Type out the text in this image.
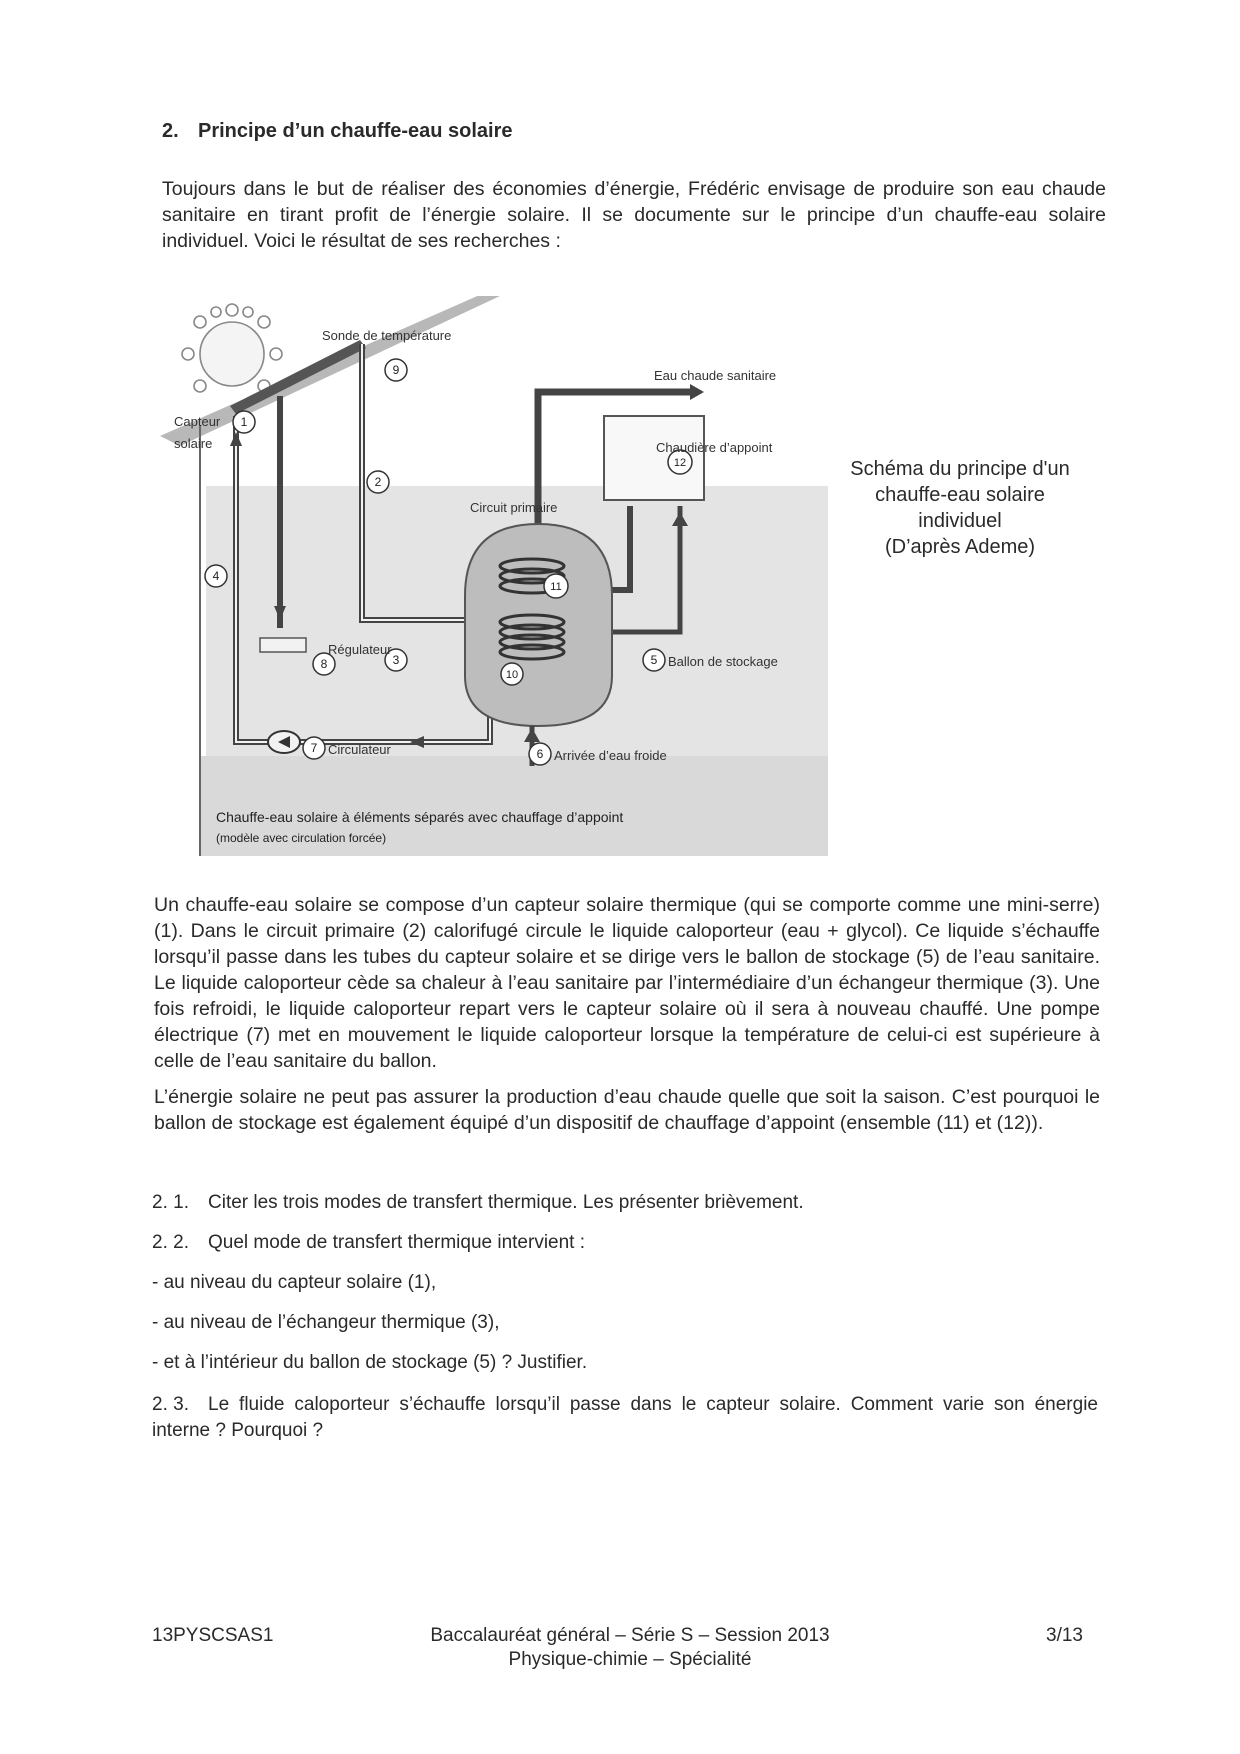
2. Principe d’un chauffe-eau solaire

Toujours dans le but de réaliser des économies d’énergie, Frédéric envisage de produire son eau chaude sanitaire en tirant profit de l’énergie solaire. Il se documente sur le principe d’un chauffe-eau solaire individuel. Voici le résultat de ses recherches :

1
2
3
4
5
6
7
8
9
10
11
12
Sonde de température
Eau chaude sanitaire
Capteur
solaire	Chaudière d’appoint
Circuit primaire
Régulateur
Ballon de stockage
Circulateur	Arrivée d’eau froide
Chauffe-eau solaire à éléments séparés avec chauffage d’appoint
(modèle avec circulation forcée)
Schéma du principe d'un
chauffe-eau solaire
individuel
(D’après Ademe)

Un chauffe-eau solaire se compose d’un capteur solaire thermique (qui se comporte comme une mini-serre) (1). Dans le circuit primaire (2) calorifugé circule le liquide caloporteur (eau + glycol). Ce liquide s’échauffe lorsqu’il passe dans les tubes du capteur solaire et se dirige vers le ballon de stockage (5) de l’eau sanitaire. Le liquide caloporteur cède sa chaleur à l’eau sanitaire par l’intermédiaire d’un échangeur thermique (3). Une fois refroidi, le liquide caloporteur repart vers le capteur solaire où il sera à nouveau chauffé. Une pompe électrique (7) met en mouvement le liquide caloporteur lorsque la température de celui-ci est supérieure à celle de l’eau sanitaire du ballon.

L’énergie solaire ne peut pas assurer la production d’eau chaude quelle que soit la saison. C’est pourquoi le ballon de stockage est également équipé d’un dispositif de chauffage d’appoint (ensemble (11) et (12)).

2. 1. Citer les trois modes de transfert thermique. Les présenter brièvement.
2. 2. Quel mode de transfert thermique intervient :
- au niveau du capteur solaire (1),
- au niveau de l’échangeur thermique (3),
- et à l’intérieur du ballon de stockage (5) ? Justifier.
2. 3. Le fluide caloporteur s’échauffe lorsqu’il passe dans le capteur solaire. Comment varie son énergie interne ? Pourquoi ?
13PYSCSAS1	Baccalauréat général – Série S – Session 2013
Physique-chimie – Spécialité
3/13
